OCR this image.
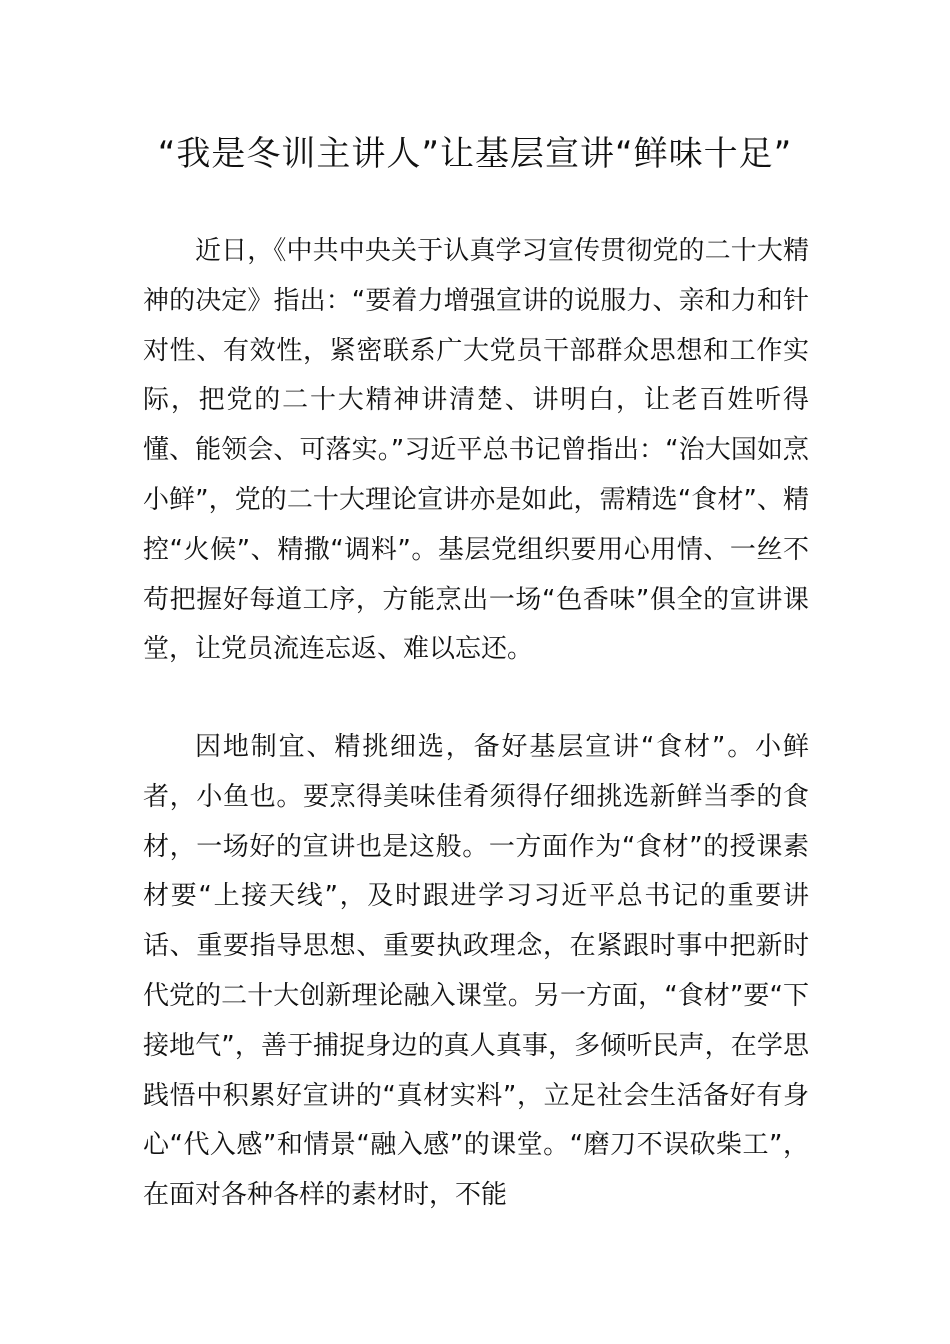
“我是冬训主讲人”让基层宣讲“鲜味十足”

近日，《中共中央关于认真学习宣传贯彻党的二十大精神的决定》指出：“要着力增强宣讲的说服力、亲和力和针对性、有效性，紧密联系广大党员干部群众思想和工作实际，把党的二十大精神讲清楚、讲明白，让老百姓听得懂、能领会、可落实。”习近平总书记曾指出：“治大国如烹小鲜”，党的二十大理论宣讲亦是如此，需精选“食材”、精控“火候”、精撒“调料”。基层党组织要用心用情、一丝不苟把握好每道工序，方能烹出一场“色香味”俱全的宣讲课堂，让党员流连忘返、难以忘还。

因地制宜、精挑细选，备好基层宣讲“食材”。小鲜者，小鱼也。要烹得美味佳肴须得仔细挑选新鲜当季的食材，一场好的宣讲也是这般。一方面作为“食材”的授课素材要“上接天线”，及时跟进学习习近平总书记的重要讲话、重要指导思想、重要执政理念，在紧跟时事中把新时代党的二十大创新理论融入课堂。另一方面，“食材”要“下接地气”，善于捕捉身边的真人真事，多倾听民声，在学思践悟中积累好宣讲的“真材实料”，立足社会生活备好有身心“代入感”和情景“融入感”的课堂。“磨刀不误砍柴工”，在面对各种各样的素材时，不能
